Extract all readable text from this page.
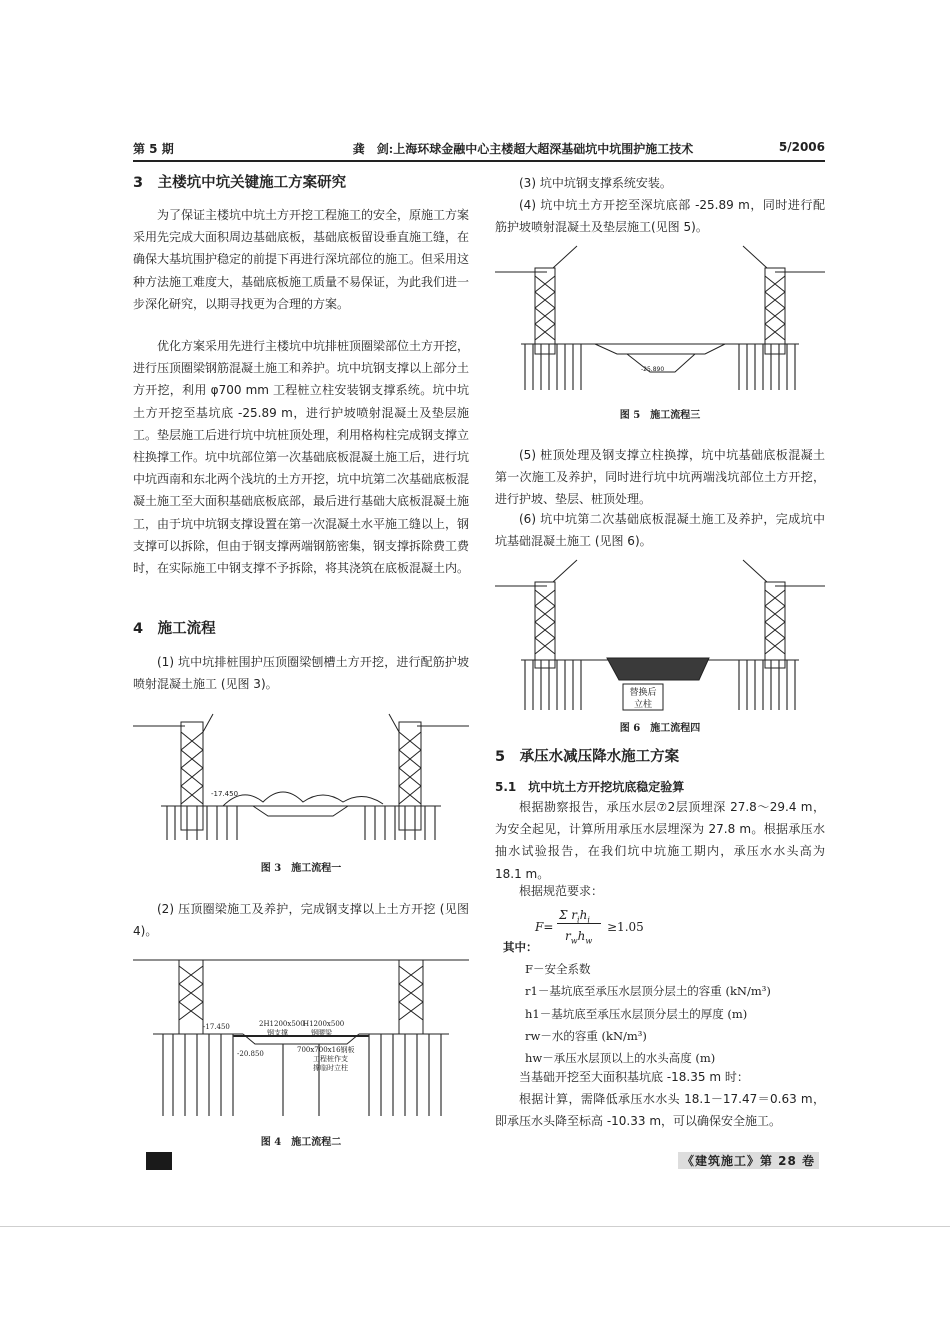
第 5 期	龚　剑:上海环球金融中心主楼超大超深基础坑中坑围护施工技术	5/2006
3　主楼坑中坑关键施工方案研究
为了保证主楼坑中坑土方开挖工程施工的安全，原施工方案采用先完成大面积周边基础底板，基础底板留设垂直施工缝，在确保大基坑围护稳定的前提下再进行深坑部位的施工。但采用这种方法施工难度大，基础底板施工质量不易保证，为此我们进一步深化研究，以期寻找更为合理的方案。
优化方案采用先进行主楼坑中坑排桩顶圈梁部位土方开挖，进行压顶圈梁钢筋混凝土施工和养护。坑中坑钢支撑以上部分土方开挖，利用 φ700 mm 工程桩立柱安装钢支撑系统。坑中坑土方开挖至基坑底 -25.89 m，进行护坡喷射混凝土及垫层施工。垫层施工后进行坑中坑桩顶处理，利用格构柱完成钢支撑立柱换撑工作。坑中坑部位第一次基础底板混凝土施工后，进行坑中坑西南和东北两个浅坑的土方开挖，坑中坑第二次基础底板混凝土施工至大面积基础底板底部，最后进行基础大底板混凝土施工，由于坑中坑钢支撑设置在第一次混凝土水平施工缝以上，钢支撑可以拆除，但由于钢支撑两端钢筋密集，钢支撑拆除费工费时，在实际施工中钢支撑不予拆除，将其浇筑在底板混凝土内。
4　施工流程
(1) 坑中坑排桩围护压顶圈梁刨槽土方开挖，进行配筋护坡喷射混凝土施工 (见图 3)。
-17.450
图 3　施工流程一
(2) 压顶圈梁施工及养护，完成钢支撑以上土方开挖 (见图 4)。
-17.450
-20.850
2H1200x500
钢支撑
H1200x500
钢腰梁
700x700x16钢板
工程桩作支
撑临时立柱
图 4　施工流程二
(3) 坑中坑钢支撑系统安装。
(4) 坑中坑土方开挖至深坑底部 -25.89 m，同时进行配筋护坡喷射混凝土及垫层施工(见图 5)。
-25.890
图 5　施工流程三
(5) 桩顶处理及钢支撑立柱换撑，坑中坑基础底板混凝土第一次施工及养护，同时进行坑中坑两端浅坑部位土方开挖，进行护坡、垫层、桩顶处理。
(6) 坑中坑第二次基础底板混凝土施工及养护，完成坑中坑基础混凝土施工 (见图 6)。
替换后
立柱
图 6　施工流程四
5　承压水减压降水施工方案
5.1　坑中坑土方开挖坑底稳定验算
根据勘察报告，承压水层⑦2层顶埋深 27.8～29.4 m，为安全起见，计算所用承压水层埋深为 27.8 m。根据承压水抽水试验报告，在我们坑中坑施工期内，承压水水头高为 18.1 m。
根据规范要求：
F=
Σ $r_ih_i$
$r_wh_w$
≥1.05
其中：
F－安全系数
r1－基坑底至承压水层顶分层土的容重 (kN/m³)
h1－基坑底至承压水层顶分层土的厚度 (m)
rw－水的容重 (kN/m³)
hw－承压水层顶以上的水头高度 (m)
当基础开挖至大面积基坑底 -18.35 m 时：
根据计算，需降低承压水水头 18.1－17.47＝0.63 m，即承压水头降至标高 -10.33 m，可以确保安全施工。
《建筑施工》第 28 卷
